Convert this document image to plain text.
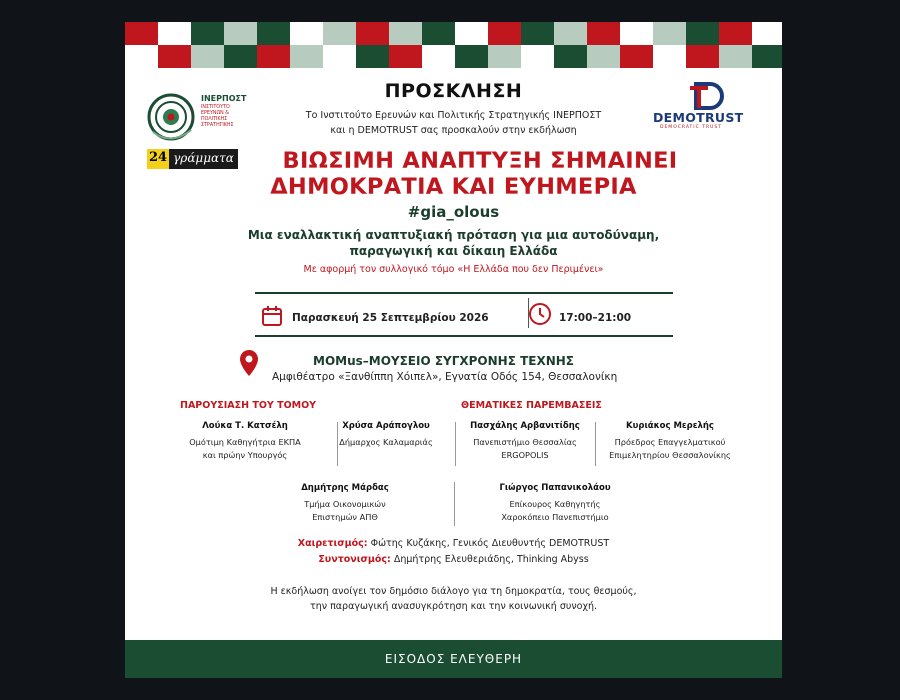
ΙΝΕΡΠΟΣΤ
ΙΝΣΤΙΤΟΥΤΟ
ΕΡΕΥΝΩΝ &
ΠΟΛΙΤΙΚΗΣ
ΣΤΡΑΤΗΓΙΚΗΣ
ΠΡΟΣΚΛΗΣΗ
Το Ινστιτούτο Ερευνών και Πολιτικής Στρατηγικής ΙΝΕΡΠΟΣΤ
και η DEMOTRUST σας προσκαλούν στην εκδήλωση
DEMOTRUST
DEMOCRATIC TRUST
24 γράμματα	ΒΙΩΣΙΜΗ ΑΝΑΠΤΥΞΗ ΣΗΜΑΙΝΕΙ
ΔΗΜΟΚΡΑΤΙΑ ΚΑΙ ΕΥΗΜΕΡΙΑ
#gia_olous
Μια εναλλακτική αναπτυξιακή πρόταση για μια αυτοδύναμη,
παραγωγική και δίκαιη Ελλάδα
Με αφορμή τον συλλογικό τόμο «Η Ελλάδα που δεν Περιμένει»
Παρασκευή 25 Σεπτεμβρίου 2026	17:00–21:00
MOMus–ΜΟΥΣΕΙΟ ΣΥΓΧΡΟΝΗΣ ΤΕΧΝΗΣ
Αμφιθέατρο «Ξανθίππη Χόιπελ», Εγνατία Οδός 154, Θεσσαλονίκη
ΠΑΡΟΥΣΙΑΣΗ ΤΟΥ ΤΟΜΟΥ	ΘΕΜΑΤΙΚΕΣ ΠΑΡΕΜΒΑΣΕΙΣ
Λούκα Τ. Κατσέλη
Ομότιμη Καθηγήτρια ΕΚΠΑ
και πρώην Υπουργός
Χρύσα Αράπογλου
Δήμαρχος Καλαμαριάς
Πασχάλης Αρβανιτίδης
Πανεπιστήμιο Θεσσαλίας
ERGOPOLIS
Κυριάκος Μερελής
Πρόεδρος Επαγγελματικού
Επιμελητηρίου Θεσσαλονίκης
Δημήτρης Μάρδας
Τμήμα Οικονομικών
Επιστημών ΑΠΘ
Γιώργος Παπανικολάου
Επίκουρος Καθηγητής
Χαροκόπειο Πανεπιστήμιο
Χαιρετισμός: Φώτης Κυζάκης, Γενικός Διευθυντής DEMOTRUST
Συντονισμός: Δημήτρης Ελευθεριάδης, Thinking Abyss
Η εκδήλωση ανοίγει τον δημόσιο διάλογο για τη δημοκρατία, τους θεσμούς,
την παραγωγική ανασυγκρότηση και την κοινωνική συνοχή.
ΕΙΣΟΔΟΣ ΕΛΕΥΘΕΡΗ
